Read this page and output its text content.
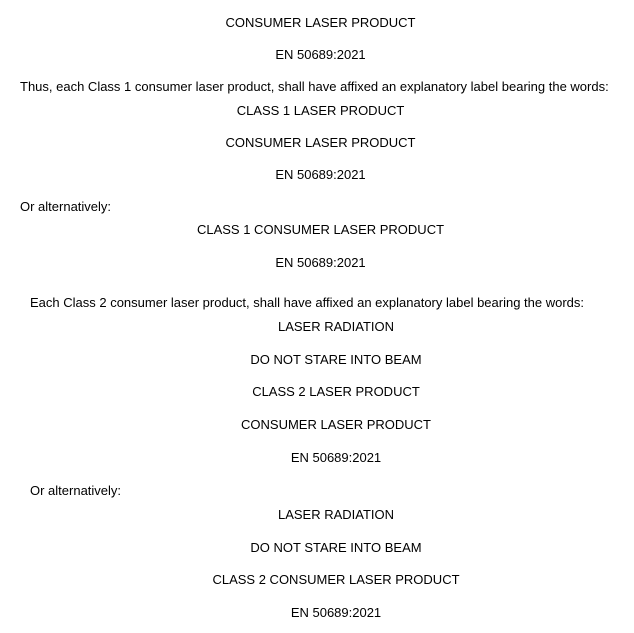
CONSUMER LASER PRODUCT
EN 50689:2021
Thus, each Class 1 consumer laser product, shall have affixed an explanatory label bearing the words:
CLASS 1 LASER PRODUCT
CONSUMER LASER PRODUCT
EN 50689:2021
Or alternatively:
CLASS 1 CONSUMER LASER PRODUCT
EN 50689:2021
Each Class 2 consumer laser product, shall have affixed an explanatory label bearing the words:
LASER RADIATION
DO NOT STARE INTO BEAM
CLASS 2 LASER PRODUCT
CONSUMER LASER PRODUCT
EN 50689:2021
Or alternatively:
LASER RADIATION
DO NOT STARE INTO BEAM
CLASS 2 CONSUMER LASER PRODUCT
EN 50689:2021
